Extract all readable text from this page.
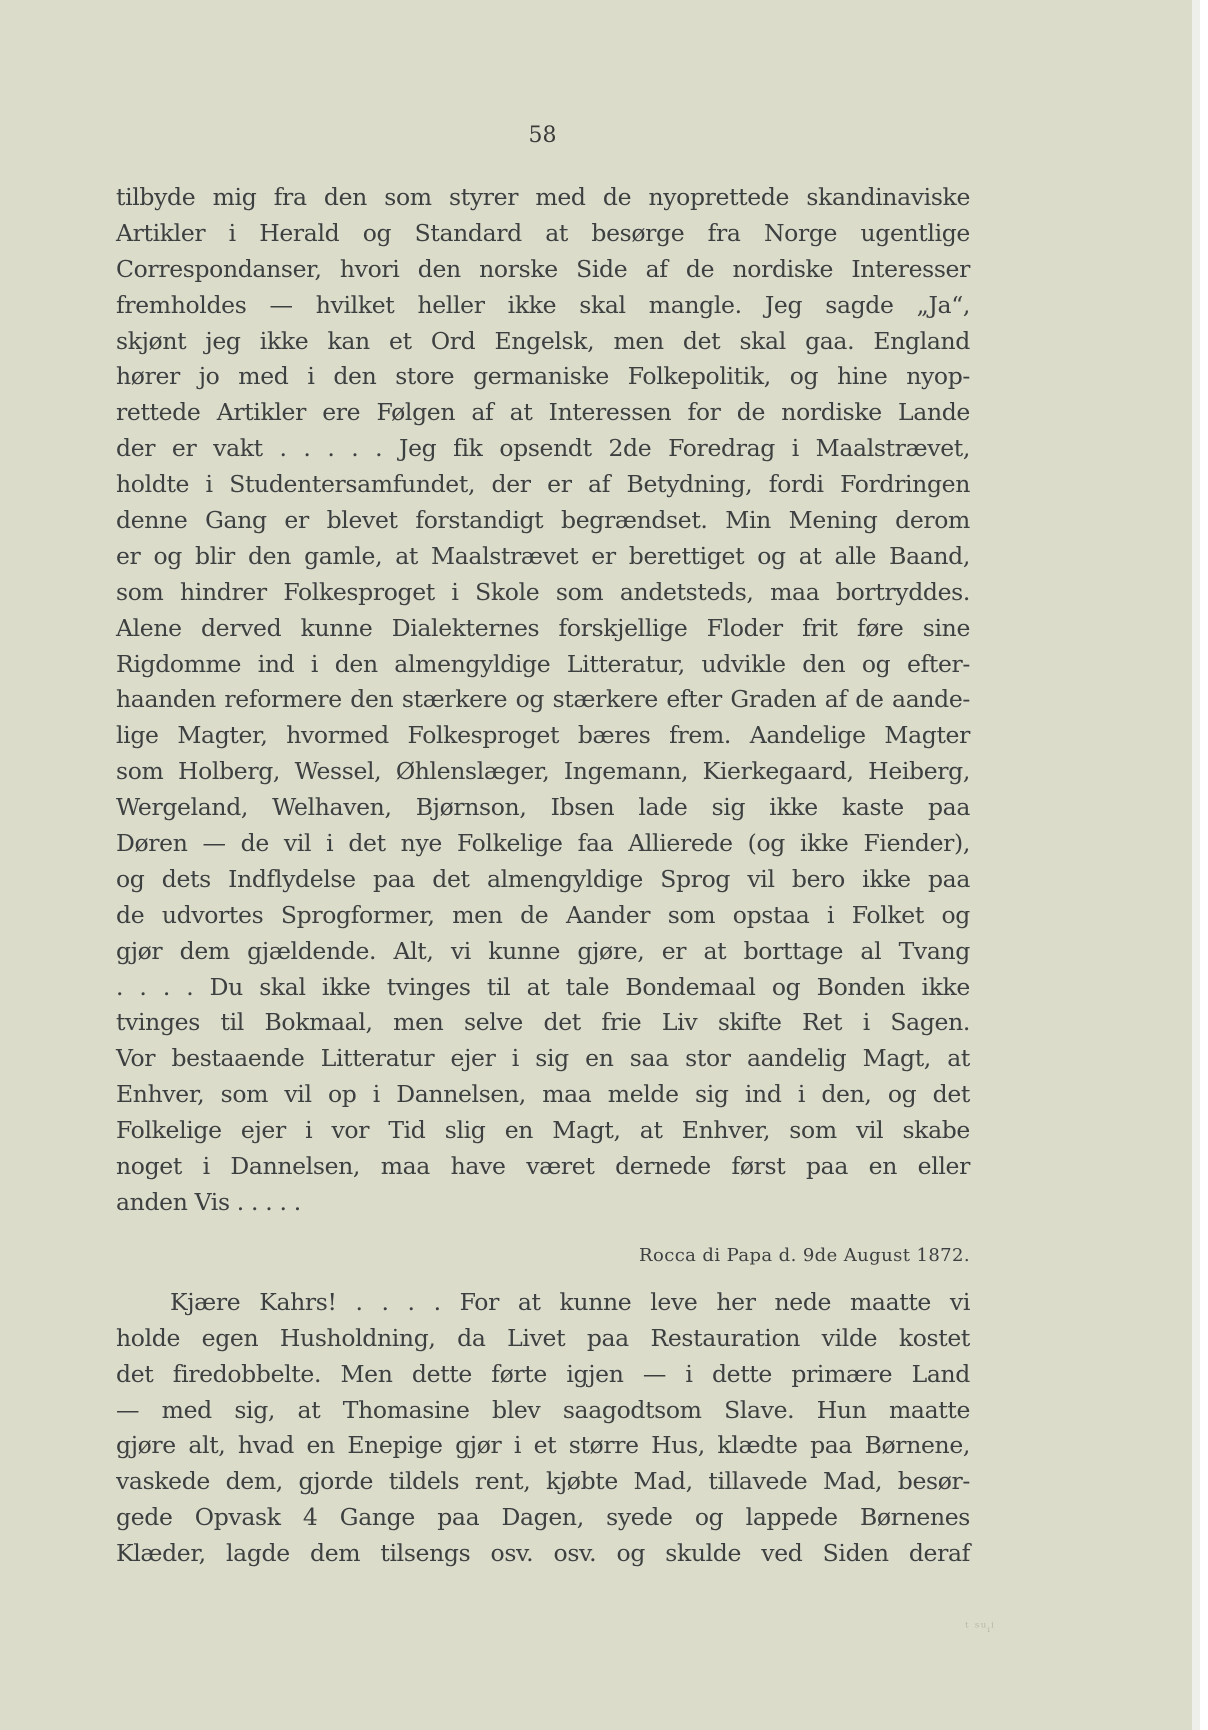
58
tilbyde mig fra den som styrer med de nyoprettede skandinaviske
Artikler i Herald og Standard at besørge fra Norge ugentlige
Correspondanser, hvori den norske Side af de nordiske Interesser
fremholdes — hvilket heller ikke skal mangle. Jeg sagde „Ja“,
skjønt jeg ikke kan et Ord Engelsk, men det skal gaa. England
hører jo med i den store germaniske Folkepolitik, og hine nyop-
rettede Artikler ere Følgen af at Interessen for de nordiske Lande
der er vakt . . . . . Jeg fik opsendt 2de Foredrag i Maalstrævet,
holdte i Studentersamfundet, der er af Betydning, fordi Fordringen
denne Gang er blevet forstandigt begrændset. Min Mening derom
er og blir den gamle, at Maalstrævet er berettiget og at alle Baand,
som hindrer Folkesproget i Skole som andetsteds, maa bortryddes.
Alene derved kunne Dialekternes forskjellige Floder frit føre sine
Rigdomme ind i den almengyldige Litteratur, udvikle den og efter-
haanden reformere den stærkere og stærkere efter Graden af de aande-
lige Magter, hvormed Folkesproget bæres frem. Aandelige Magter
som Holberg, Wessel, Øhlenslæger, Ingemann, Kierkegaard, Heiberg,
Wergeland, Welhaven, Bjørnson, Ibsen lade sig ikke kaste paa
Døren — de vil i det nye Folkelige faa Allierede (og ikke Fiender),
og dets Indflydelse paa det almengyldige Sprog vil bero ikke paa
de udvortes Sprogformer, men de Aander som opstaa i Folket og
gjør dem gjældende. Alt, vi kunne gjøre, er at borttage al Tvang
. . . . Du skal ikke tvinges til at tale Bondemaal og Bonden ikke
tvinges til Bokmaal, men selve det frie Liv skifte Ret i Sagen.
Vor bestaaende Litteratur ejer i sig en saa stor aandelig Magt, at
Enhver, som vil op i Dannelsen, maa melde sig ind i den, og det
Folkelige ejer i vor Tid slig en Magt, at Enhver, som vil skabe
noget i Dannelsen, maa have været dernede først paa en eller
anden Vis . . . . .
Rocca di Papa d. 9de August 1872.
Kjære Kahrs! . . . . For at kunne leve her nede maatte vi
holde egen Husholdning, da Livet paa Restauration vilde kostet
det firedobbelte. Men dette førte igjen — i dette primære Land
— med sig, at Thomasine blev saagodtsom Slave. Hun maatte
gjøre alt, hvad en Enepige gjør i et større Hus, klædte paa Børnene,
vaskede dem, gjorde tildels rent, kjøbte Mad, tillavede Mad, besør-
gede Opvask 4 Gange paa Dagen, syede og lappede Børnenes
Klæder, lagde dem tilsengs osv. osv. og skulde ved Siden deraf
ᵗ ˢᵘᵢⁱ
